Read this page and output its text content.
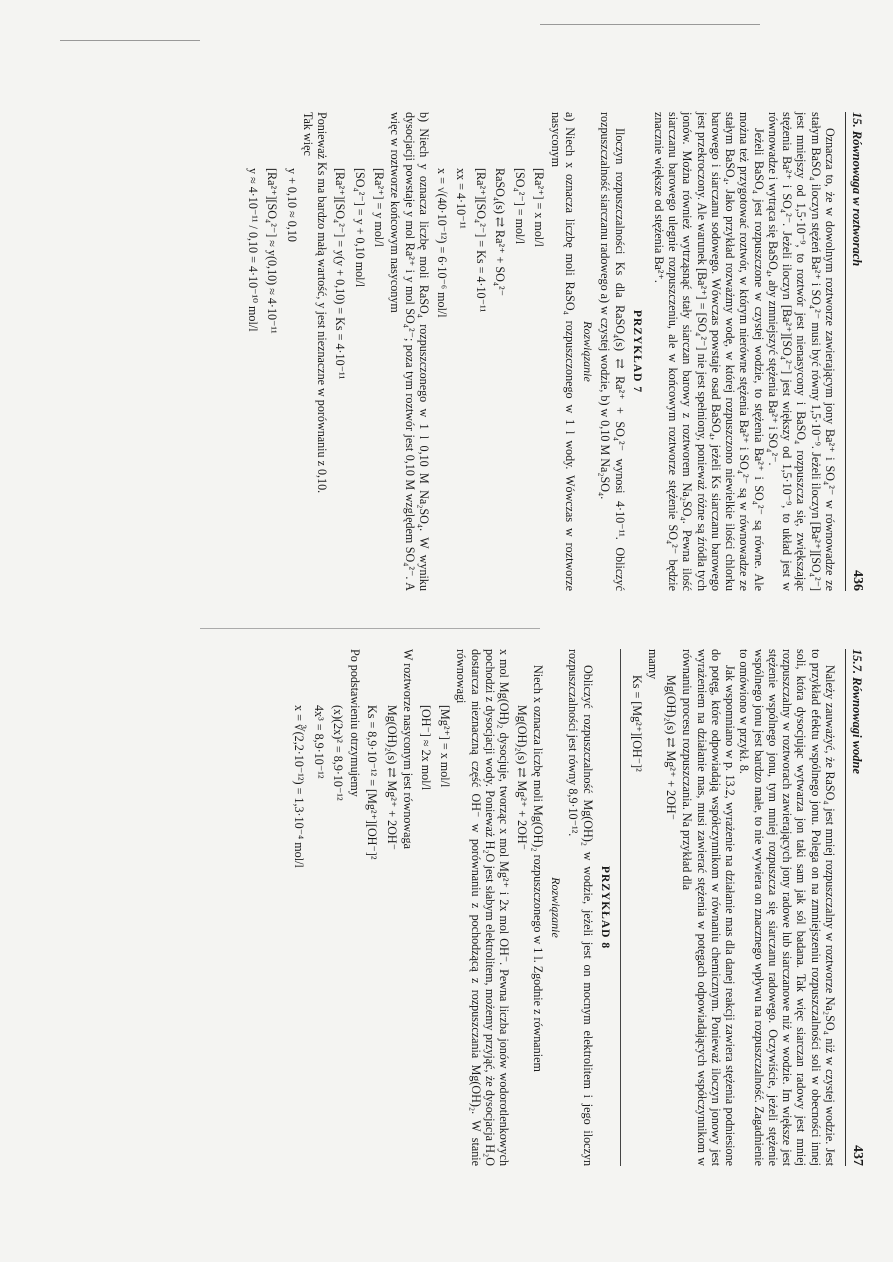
15. Równowaga w roztworach
436

Oznacza to, że w dowolnym roztworze zawierającym jony Ba²⁺ i SO₄²⁻ w równowadze ze stałym BaSO₄ iloczyn stężeń Ba²⁺ i SO₄²⁻ musi być równy 1,5·10⁻⁹. Jeżeli iloczyn [Ba²⁺][SO₄²⁻] jest mniejszy od 1,5·10⁻⁹, to roztwór jest nienasycony i BaSO₄ rozpuszcza się, zwiększając stężenia Ba²⁺ i SO₄²⁻. Jeżeli iloczyn [Ba²⁺][SO₄²⁻] jest większy od 1,5·10⁻⁹, to układ jest w równowadze i wytrąca się BaSO₄, aby zmniejszyć stężenia Ba²⁺ i SO₄²⁻.

Jeżeli BaSO₄ jest rozpuszczone w czystej wodzie, to stężenia Ba²⁺ i SO₄²⁻ są równe. Ale można też przygotować roztwór, w którym nierówne stężenia Ba²⁺ i SO₄²⁻ są w równowadze ze stałym BaSO₄. Jako przykład rozważmy wodę, w której rozpuszczono niewielkie ilości chlorku barowego i siarczanu sodowego. Wówczas powstaje osad BaSO₄, jeżeli Ks siarczanu barowego jest przekroczony. Ale warunek [Ba²⁺] = [SO₄²⁻] nie jest spełniony, ponieważ różne są źródła tych jonów. Można również wytrząsnąć stały siarczan barowy z roztworem Na₂SO₄. Pewna ilość siarczanu barowego ulegnie rozpuszczeniu, ale w końcowym roztworze stężenie SO₄²⁻ będzie znacznie większe od stężenia Ba²⁺.

PRZYKŁAD 7

Iloczyn rozpuszczalności Ks dla RaSO₄(s) ⇄ Ra²⁺ + SO₄²⁻ wynosi 4·10⁻¹¹. Obliczyć rozpuszczalność siarczanu radowego a) w czystej wodzie, b) w 0,10 M Na₂SO₄.

Rozwiązanie

a) Niech x oznacza liczbę moli RaSO₄ rozpuszczonego w 1 l wody. Wówczas w roztworze nasyconym

[Ra²⁺] = x mol/l
[SO₄²⁻] = mol/l
RaSO₄(s) ⇄ Ra²⁺ + SO₄²⁻
[Ra²⁺][SO₄²⁻] = Ks = 4·10⁻¹¹
xx = 4·10⁻¹¹
x = √(40·10⁻¹²) = 6·10⁻⁶ mol/l

b) Niech y oznacza liczbę moli RaSO₄ rozpuszczonego w 1 l 0,10 M Na₂SO₄. W wyniku dysocjacji powstaje y mol Ra²⁺ i y mol SO₄²⁻; poza tym roztwór jest 0,10 M względem SO₄²⁻. A więc w roztworze końcowym nasyconym

[Ra²⁺] = y mol/l
[SO₄²⁻] = y + 0,10 mol/l
[Ra²⁺][SO₄²⁻] = y(y + 0,10) = Ks = 4·10⁻¹¹

Ponieważ Ks ma bardzo małą wartość, y jest nieznaczne w porównaniu z 0,10.

Tak więc

y + 0,10 ≈ 0,10
[Ra²⁺][SO₄²⁻] ≈ y(0,10) ≈ 4·10⁻¹¹
y ≈ 4·10⁻¹¹ / 0,10 = 4·10⁻¹⁰ mol/l
15.7. Równowagi wodne
437

Należy zauważyć, że RaSO₄ jest mniej rozpuszczalny w roztworze Na₂SO₄ niż w czystej wodzie. Jest to przykład efektu wspólnego jonu. Polega on na zmniejszeniu rozpuszczalności soli w obecności innej soli, która dysocjując wytwarza jon taki sam jak sól badana. Tak więc siarczan radowy jest mniej rozpuszczalny w roztworach zawierających jony radowe lub siarczanowe niż w wodzie. Im większe jest stężenie wspólnego jonu, tym mniej rozpuszcza się siarczanu radowego. Oczywiście, jeżeli stężenie wspólnego jonu jest bardzo małe, to nie wywiera on znacznego wpływu na rozpuszczalność. Zagadnienie to omówiono w przykł. 8.

Jak wspomniano w p. 13.2, wyrażenie na działanie mas dla danej reakcji zawiera stężenia podniesione do potęg, które odpowiadają współczynnikom w równaniu chemicznym. Ponieważ iloczyn jonowy jest wyrażeniem na działanie mas, musi zawierać stężenia w potęgach odpowiadających współczynnikom w równaniu procesu rozpuszczania. Na przykład dla

Mg(OH)₂(s) ⇄ Mg²⁺ + 2OH⁻

mamy

Ks = [Mg²⁺][OH⁻]²
PRZYKŁAD 8

Obliczyć rozpuszczalność Mg(OH)₂ w wodzie, jeżeli jest on mocnym elektrolitem i jego iloczyn rozpuszczalności jest równy 8,9·10⁻¹².

Rozwiązanie

Niech x oznacza liczbę moli Mg(OH)₂ rozpuszczonego w 1 l. Zgodnie z równaniem

Mg(OH)₂(s) ⇄ Mg²⁺ + 2OH⁻

x mol Mg(OH)₂ dysocjuje, tworząc x mol Mg²⁺ i 2x mol OH⁻. Pewna liczba jonów wodorotlenkowych pochodzi z dysocjacji wody. Ponieważ H₂O jest słabym elektrolitem, możemy przyjąć, że dysocjacja H₂O dostarcza nieznaczną część OH⁻ w porównaniu z pochodzącą z rozpuszczania Mg(OH)₂. W stanie równowagi

[Mg²⁺] = x mol/l
[OH⁻] ≈ 2x mol/l

W roztworze nasyconym jest równowaga

Mg(OH)₂(s) ⇄ Mg²⁺ + 2OH⁻
Ks = 8,9·10⁻¹² = [Mg²⁺][OH⁻]²

Po podstawieniu otrzymujemy

(x)(2x)² = 8,9·10⁻¹²
4x³ = 8,9·10⁻¹²
x = ∛(2,2·10⁻¹²) = 1,3·10⁻⁴ mol/l
